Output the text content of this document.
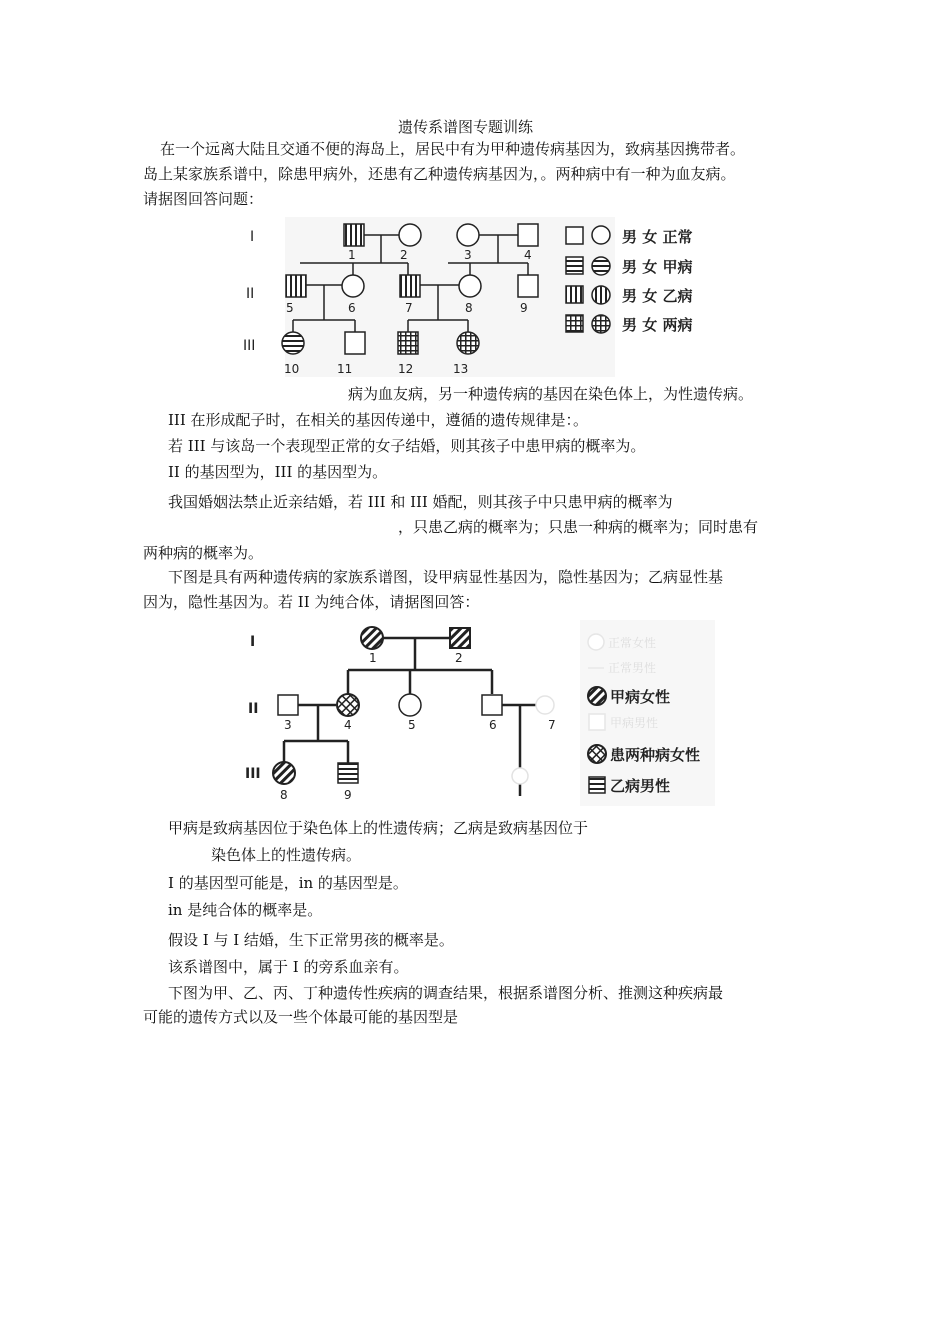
遗传系谱图专题训练
在一个远离大陆且交通不便的海岛上，居民中有为甲种遗传病基因为，致病基因携带者。
岛上某家族系谱中，除患甲病外，还患有乙种遗传病基因为，。两种病中有一种为血友病。
请据图回答问题：
I
II
III
1	2	3	4
5	6	7	8	9
10	11	12	13
男 女 正常
男 女 甲病
男 女 乙病
男 女 两病
病为血友病，另一种遗传病的基因在染色体上，为性遗传病。
III 在形成配子时，在相关的基因传递中，遵循的遗传规律是：。
若 III 与该岛一个表现型正常的女子结婚，则其孩子中患甲病的概率为。
II 的基因型为，III 的基因型为。
我国婚姻法禁止近亲结婚，若 III 和 III 婚配，则其孩子中只患甲病的概率为
，只患乙病的概率为；只患一种病的概率为；同时患有
两种病的概率为。
下图是具有两种遗传病的家族系谱图，设甲病显性基因为，隐性基因为；乙病显性基
因为，隐性基因为。若 II 为纯合体，请据图回答：
I
II
III
1	2
3	4	5	6	7
8	9
正常女性
正常男性
甲病女性
甲病男性
患两种病女性
乙病男性
甲病是致病基因位于染色体上的性遗传病；乙病是致病基因位于
染色体上的性遗传病。
I 的基因型可能是，in 的基因型是。
in 是纯合体的概率是。
假设 I 与 I 结婚，生下正常男孩的概率是。
该系谱图中，属于 I 的旁系血亲有。
下图为甲、乙、丙、丁种遗传性疾病的调查结果，根据系谱图分析、推测这种疾病最
可能的遗传方式以及一些个体最可能的基因型是
